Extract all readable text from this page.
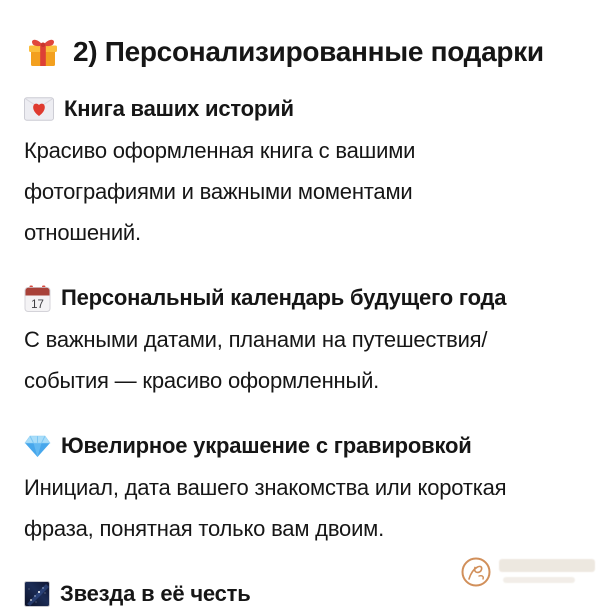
2) Персонализированные подарки
Книга ваших историй
Красиво оформленная книга с вашими
фотографиями и важными моментами
отношений.
17 Персональный календарь будущего года
С важными датами, планами на путешествия/
события — красиво оформленный.
Ювелирное украшение с гравировкой
Инициал, дата вашего знакомства или короткая
фраза, понятная только вам двоим.
Звезда в её честь
